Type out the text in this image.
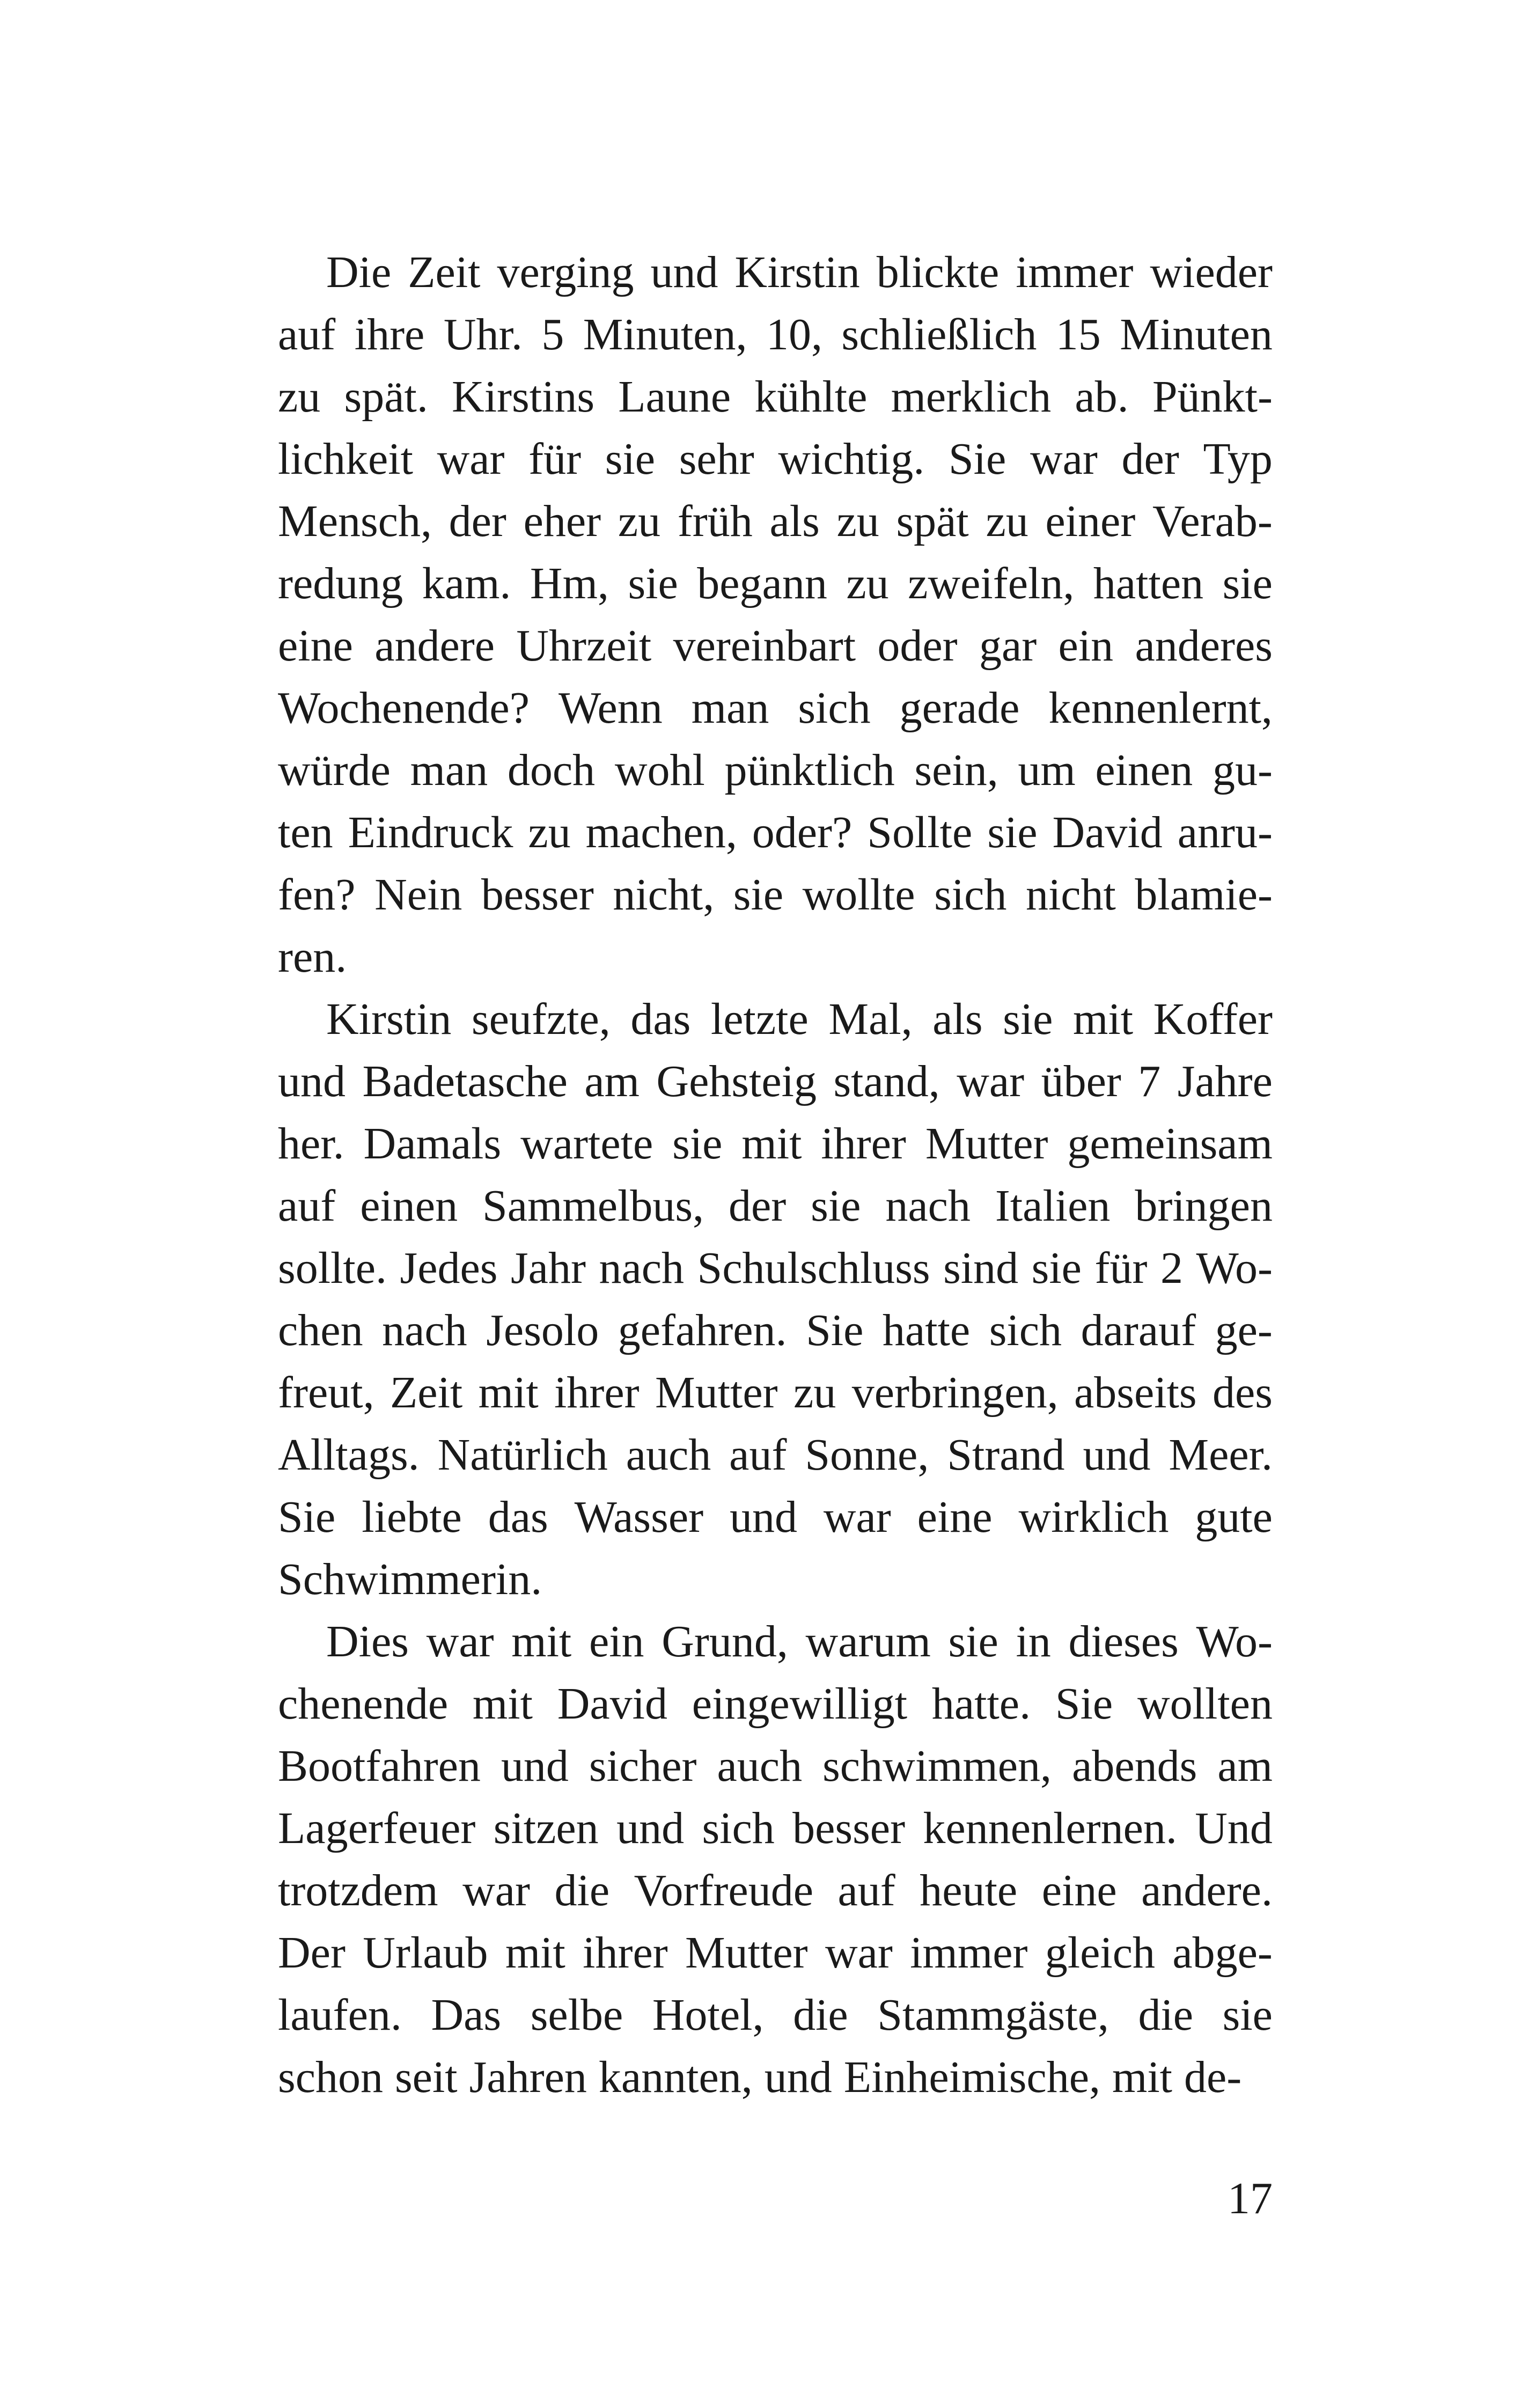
Die Zeit verging und Kirstin blickte immer wieder
auf ihre Uhr. 5 Minuten, 10, schließlich 15 Minuten
zu spät. Kirstins Laune kühlte merklich ab. Pünkt-
lichkeit war für sie sehr wichtig. Sie war der Typ
Mensch, der eher zu früh als zu spät zu einer Verab-
redung kam. Hm, sie begann zu zweifeln, hatten sie
eine andere Uhrzeit vereinbart oder gar ein anderes
Wochenende? Wenn man sich gerade kennenlernt,
würde man doch wohl pünktlich sein, um einen gu-
ten Eindruck zu machen, oder? Sollte sie David anru-
fen? Nein besser nicht, sie wollte sich nicht blamie-
ren.
Kirstin seufzte, das letzte Mal, als sie mit Koffer
und Badetasche am Gehsteig stand, war über 7 Jahre
her. Damals wartete sie mit ihrer Mutter gemeinsam
auf einen Sammelbus, der sie nach Italien bringen
sollte. Jedes Jahr nach Schulschluss sind sie für 2 Wo-
chen nach Jesolo gefahren. Sie hatte sich darauf ge-
freut, Zeit mit ihrer Mutter zu verbringen, abseits des
Alltags. Natürlich auch auf Sonne, Strand und Meer.
Sie liebte das Wasser und war eine wirklich gute
Schwimmerin.
Dies war mit ein Grund, warum sie in dieses Wo-
chenende mit David eingewilligt hatte. Sie wollten
Bootfahren und sicher auch schwimmen, abends am
Lagerfeuer sitzen und sich besser kennenlernen. Und
trotzdem war die Vorfreude auf heute eine andere.
Der Urlaub mit ihrer Mutter war immer gleich abge-
laufen. Das selbe Hotel, die Stammgäste, die sie
schon seit Jahren kannten, und Einheimische, mit de-
17
